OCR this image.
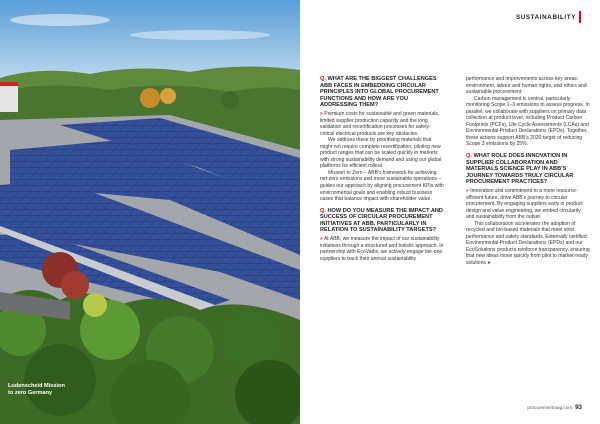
Ludenscheid Mission
to zero Germany
SUSTAINABILITY
Q. WHAT ARE THE BIGGEST CHALLENGES ABB FACES IN EMBEDDING CIRCULAR PRINCIPLES INTO GLOBAL PROCUREMENT FUNCTIONS AND HOW ARE YOU ADDRESSING THEM?

» Premium costs for sustainable and green materials, limited supplier production capacity and the long validation and recertification processes for safety-critical electrical products are key obstacles.

We address these by prioritising materials that might not require complete recertification, piloting new product ranges that can be scaled quickly in markets with strong sustainability demand and using our global platforms for efficient rollout.

Mission to Zero – ABB’s framework for achieving net-zero emissions and more sustainable operations – guides our approach by aligning procurement KPIs with environmental goals and enabling robust business cases that balance impact with shareholder value.

Q. HOW DO YOU MEASURE THE IMPACT AND SUCCESS OF CIRCULAR PROCUREMENT INITIATIVES AT ABB, PARTICULARLY IN RELATION TO SUSTAINABILITY TARGETS?

» At ABB, we measure the impact of our sustainability initiatives through a structured and holistic approach. In partnership with EcoVadis, we actively engage tier-one suppliers to track their annual sustainability

performance and improvements across key areas: environment, labour and human rights, and ethics and sustainable procurement.

Carbon management is central, particularly monitoring Scope 1–3 emissions to assess progress. In parallel, we collaborate with suppliers on primary data collection at product level, including Product Carbon Footprints (PCFs), Life Cycle Assessments (LCAs) and Environmental Product Declarations (EPDs). Together, these actions support ABB’s 2030 target of reducing Scope 3 emissions by 25%.

Q. WHAT ROLE DOES INNOVATION IN SUPPLIER COLLABORATION AND MATERIALS SCIENCE PLAY IN ABB’S JOURNEY TOWARDS TRULY CIRCULAR PROCUREMENT PRACTICES?

» Innovation and commitment to a more resource-efficient future, drive ABB’s journey to circular procurement. By engaging suppliers early in product design and value engineering, we embed circularity and sustainability from the outset.

This collaboration accelerates the adoption of recycled and bio-based materials that meet strict performance and safety standards. Externally certified Environmental Product Declarations (EPDs) and our EcoSolutions products reinforce transparency, ensuring that new ideas move quickly from pilot to market-ready solutions ●

procurementmag.com 93
